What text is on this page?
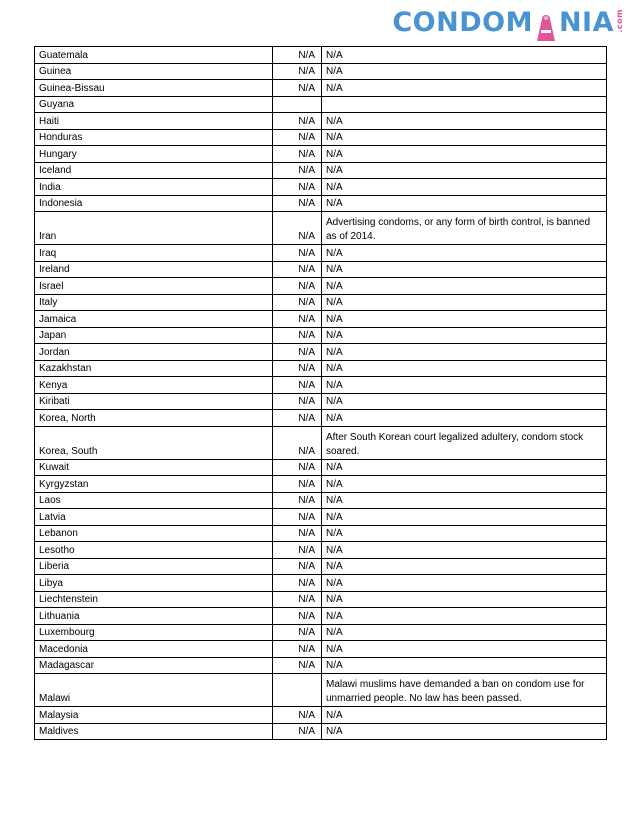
CONDOM NIA .com
Guatemala	N/A	N/A
Guinea	N/A	N/A
Guinea-Bissau	N/A	N/A
Guyana		
Haiti	N/A	N/A
Honduras	N/A	N/A
Hungary	N/A	N/A
Iceland	N/A	N/A
India	N/A	N/A
Indonesia	N/A	N/A
Iran	N/A	Advertising condoms, or any form of birth control, is banned as of 2014.
Iraq	N/A	N/A
Ireland	N/A	N/A
Israel	N/A	N/A
Italy	N/A	N/A
Jamaica	N/A	N/A
Japan	N/A	N/A
Jordan	N/A	N/A
Kazakhstan	N/A	N/A
Kenya	N/A	N/A
Kiribati	N/A	N/A
Korea, North	N/A	N/A
Korea, South	N/A	After South Korean court legalized adultery, condom stock soared.
Kuwait	N/A	N/A
Kyrgyzstan	N/A	N/A
Laos	N/A	N/A
Latvia	N/A	N/A
Lebanon	N/A	N/A
Lesotho	N/A	N/A
Liberia	N/A	N/A
Libya	N/A	N/A
Liechtenstein	N/A	N/A
Lithuania	N/A	N/A
Luxembourg	N/A	N/A
Macedonia	N/A	N/A
Madagascar	N/A	N/A
Malawi		Malawi muslims have demanded a ban on condom use for unmarried people. No law has been passed.
Malaysia	N/A	N/A
Maldives	N/A	N/A
